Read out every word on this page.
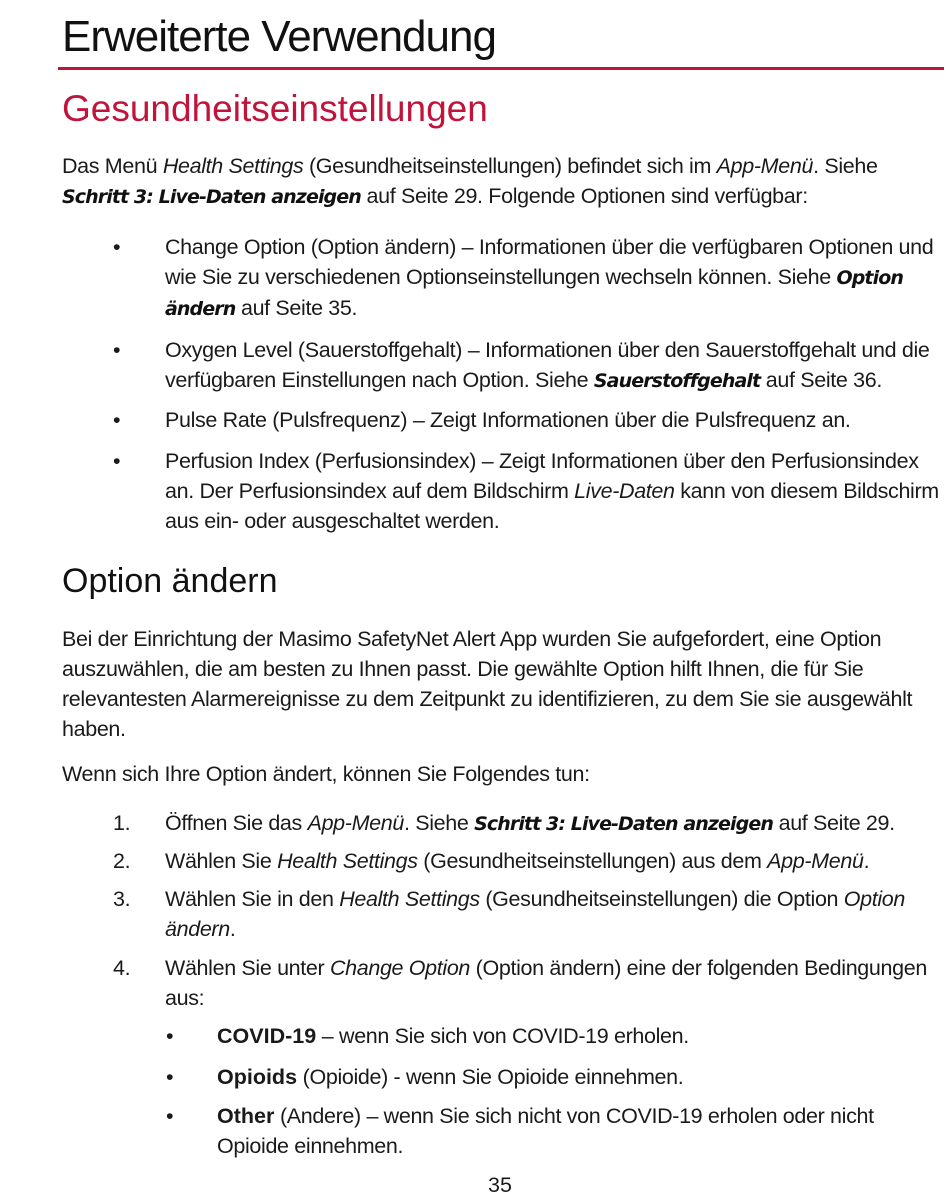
Erweiterte Verwendung
Gesundheitseinstellungen

Das Menü Health Settings (Gesundheitseinstellungen) befindet sich im App-Menü. Siehe Schritt 3: Live-Daten anzeigen auf Seite 29. Folgende Optionen sind verfügbar:

• Change Option (Option ändern) – Informationen über die verfügbaren Optionen und wie Sie zu verschiedenen Optionseinstellungen wechseln können. Siehe Option ändern auf Seite 35.
• Oxygen Level (Sauerstoffgehalt) – Informationen über den Sauerstoffgehalt und die verfügbaren Einstellungen nach Option. Siehe Sauerstoffgehalt auf Seite 36.
• Pulse Rate (Pulsfrequenz) – Zeigt Informationen über die Pulsfrequenz an.
• Perfusion Index (Perfusionsindex) – Zeigt Informationen über den Perfusionsindex an. Der Perfusionsindex auf dem Bildschirm Live-Daten kann von diesem Bildschirm aus ein- oder ausgeschaltet werden.
Option ändern

Bei der Einrichtung der Masimo SafetyNet Alert App wurden Sie aufgefordert, eine Option auszuwählen, die am besten zu Ihnen passt. Die gewählte Option hilft Ihnen, die für Sie relevantesten Alarmereignisse zu dem Zeitpunkt zu identifizieren, zu dem Sie sie ausgewählt haben.

Wenn sich Ihre Option ändert, können Sie Folgendes tun:

1. Öffnen Sie das App-Menü. Siehe Schritt 3: Live-Daten anzeigen auf Seite 29.
2. Wählen Sie Health Settings (Gesundheitseinstellungen) aus dem App-Menü.
3. Wählen Sie in den Health Settings (Gesundheitseinstellungen) die Option Option ändern.
4. Wählen Sie unter Change Option (Option ändern) eine der folgenden Bedingungen aus:
• COVID-19 – wenn Sie sich von COVID-19 erholen.
• Opioids (Opioide) - wenn Sie Opioide einnehmen.
• Other (Andere) – wenn Sie sich nicht von COVID-19 erholen oder nicht Opioide einnehmen.

35
